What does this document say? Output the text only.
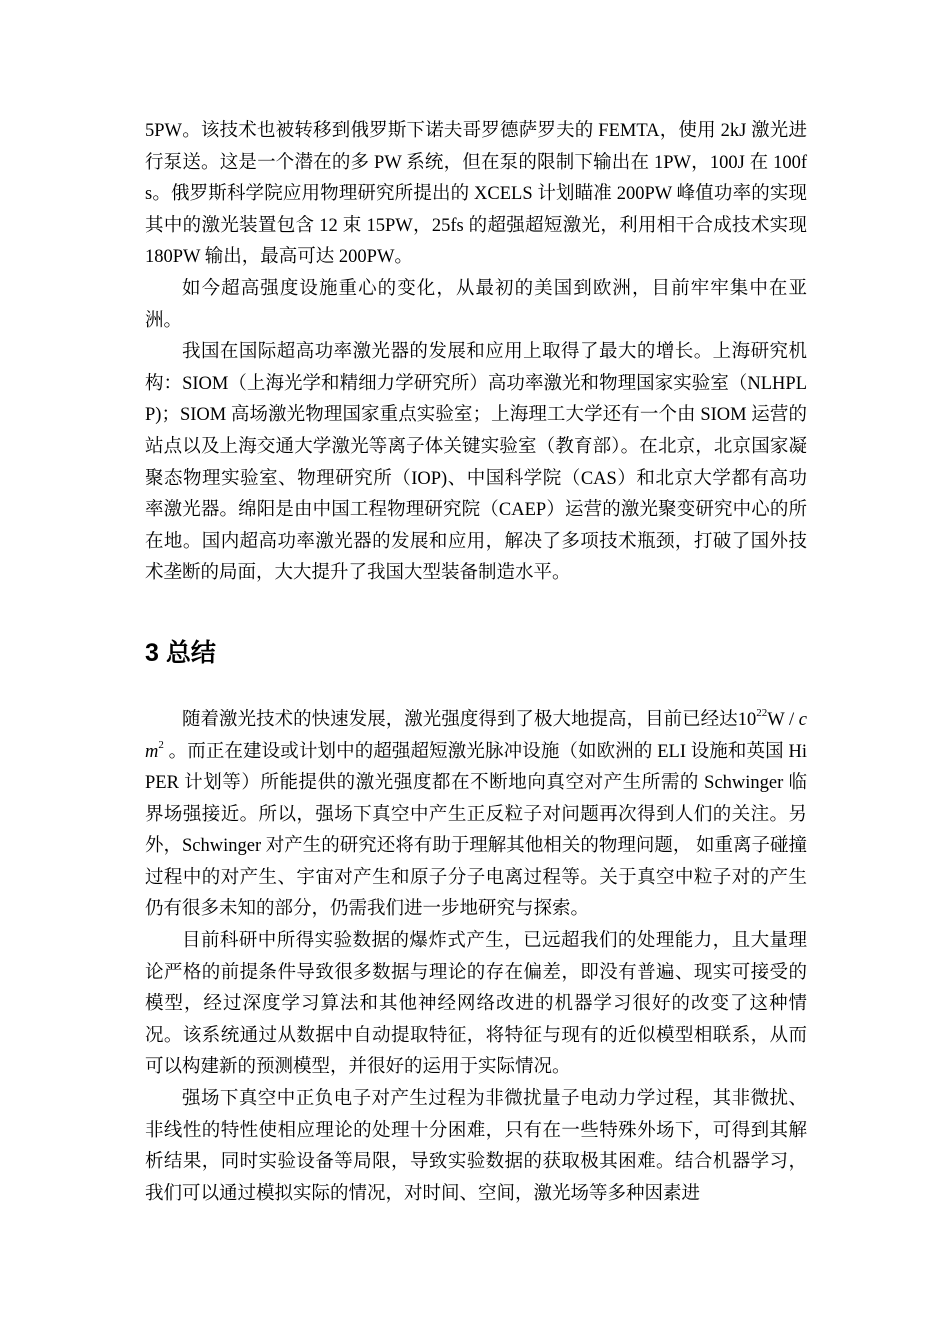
5PW。该技术也被转移到俄罗斯下诺夫哥罗德萨罗夫的 FEMTA，使用 2kJ 激光进行泵送。这是一个潜在的多 PW 系统，但在泵的限制下输出在 1PW，100J 在 100fs。俄罗斯科学院应用物理研究所提出的 XCELS 计划瞄准 200PW 峰值功率的实现其中的激光装置包含 12 束 15PW，25fs 的超强超短激光，利用相干合成技术实现 180PW 输出，最高可达 200PW。

如今超高强度设施重心的变化，从最初的美国到欧洲，目前牢牢集中在亚洲。

我国在国际超高功率激光器的发展和应用上取得了最大的增长。上海研究机构：SIOM（上海光学和精细力学研究所）高功率激光和物理国家实验室（NLHPLP)；SIOM 高场激光物理国家重点实验室；上海理工大学还有一个由 SIOM 运营的站点以及上海交通大学激光等离子体关键实验室（教育部）。在北京，北京国家凝聚态物理实验室、物理研究所（IOP)、中国科学院（CAS）和北京大学都有高功率激光器。绵阳是由中国工程物理研究院（CAEP）运营的激光聚变研究中心的所在地。国内超高功率激光器的发展和应用，解决了多项技术瓶颈，打破了国外技术垄断的局面，大大提升了我国大型装备制造水平。

3 总结

随着激光技术的快速发展，激光强度得到了极大地提高，目前已经达$10^{22}W / cm^2$ 。而正在建设或计划中的超强超短激光脉冲设施（如欧洲的 ELI 设施和英国 HiPER 计划等）所能提供的激光强度都在不断地向真空对产生所需的 Schwinger 临界场强接近。所以，强场下真空中产生正反粒子对问题再次得到人们的关注。另外，Schwinger 对产生的研究还将有助于理解其他相关的物理问题， 如重离子碰撞过程中的对产生、宇宙对产生和原子分子电离过程等。关于真空中粒子对的产生仍有很多未知的部分，仍需我们进一步地研究与探索。

目前科研中所得实验数据的爆炸式产生，已远超我们的处理能力，且大量理论严格的前提条件导致很多数据与理论的存在偏差，即没有普遍、现实可接受的模型，经过深度学习算法和其他神经网络改进的机器学习很好的改变了这种情况。该系统通过从数据中自动提取特征，将特征与现有的近似模型相联系，从而可以构建新的预测模型，并很好的运用于实际情况。

强场下真空中正负电子对产生过程为非微扰量子电动力学过程，其非微扰、非线性的特性使相应理论的处理十分困难，只有在一些特殊外场下，可得到其解析结果，同时实验设备等局限，导致实验数据的获取极其困难。结合机器学习，我们可以通过模拟实际的情况，对时间、空间，激光场等多种因素进
